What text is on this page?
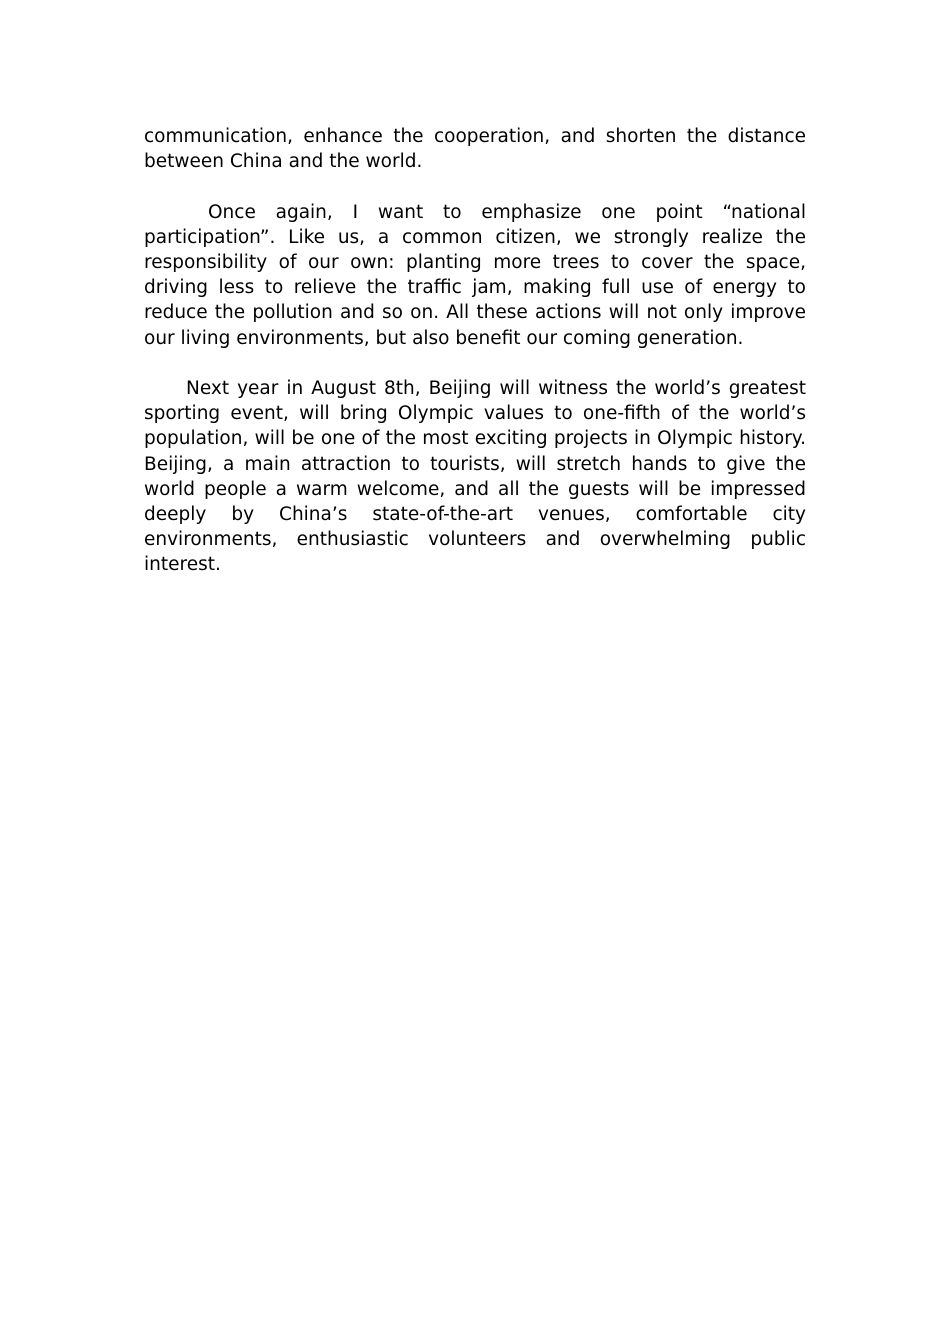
communication, enhance the cooperation, and shorten the distance between China and the world.

Once again, I want to emphasize one point “national participation”. Like us, a common citizen, we strongly realize the responsibility of our own: planting more trees to cover the space, driving less to relieve the traffic jam, making full use of energy to reduce the pollution and so on. All these actions will not only improve our living environments, but also benefit our coming generation.

Next year in August 8th, Beijing will witness the world’s greatest sporting event, will bring Olympic values to one-fifth of the world’s population, will be one of the most exciting projects in Olympic history. Beijing, a main attraction to tourists, will stretch hands to give the world people a warm welcome, and all the guests will be impressed deeply by China’s state-of-the-art venues, comfortable city environments, enthusiastic volunteers and overwhelming public interest.
